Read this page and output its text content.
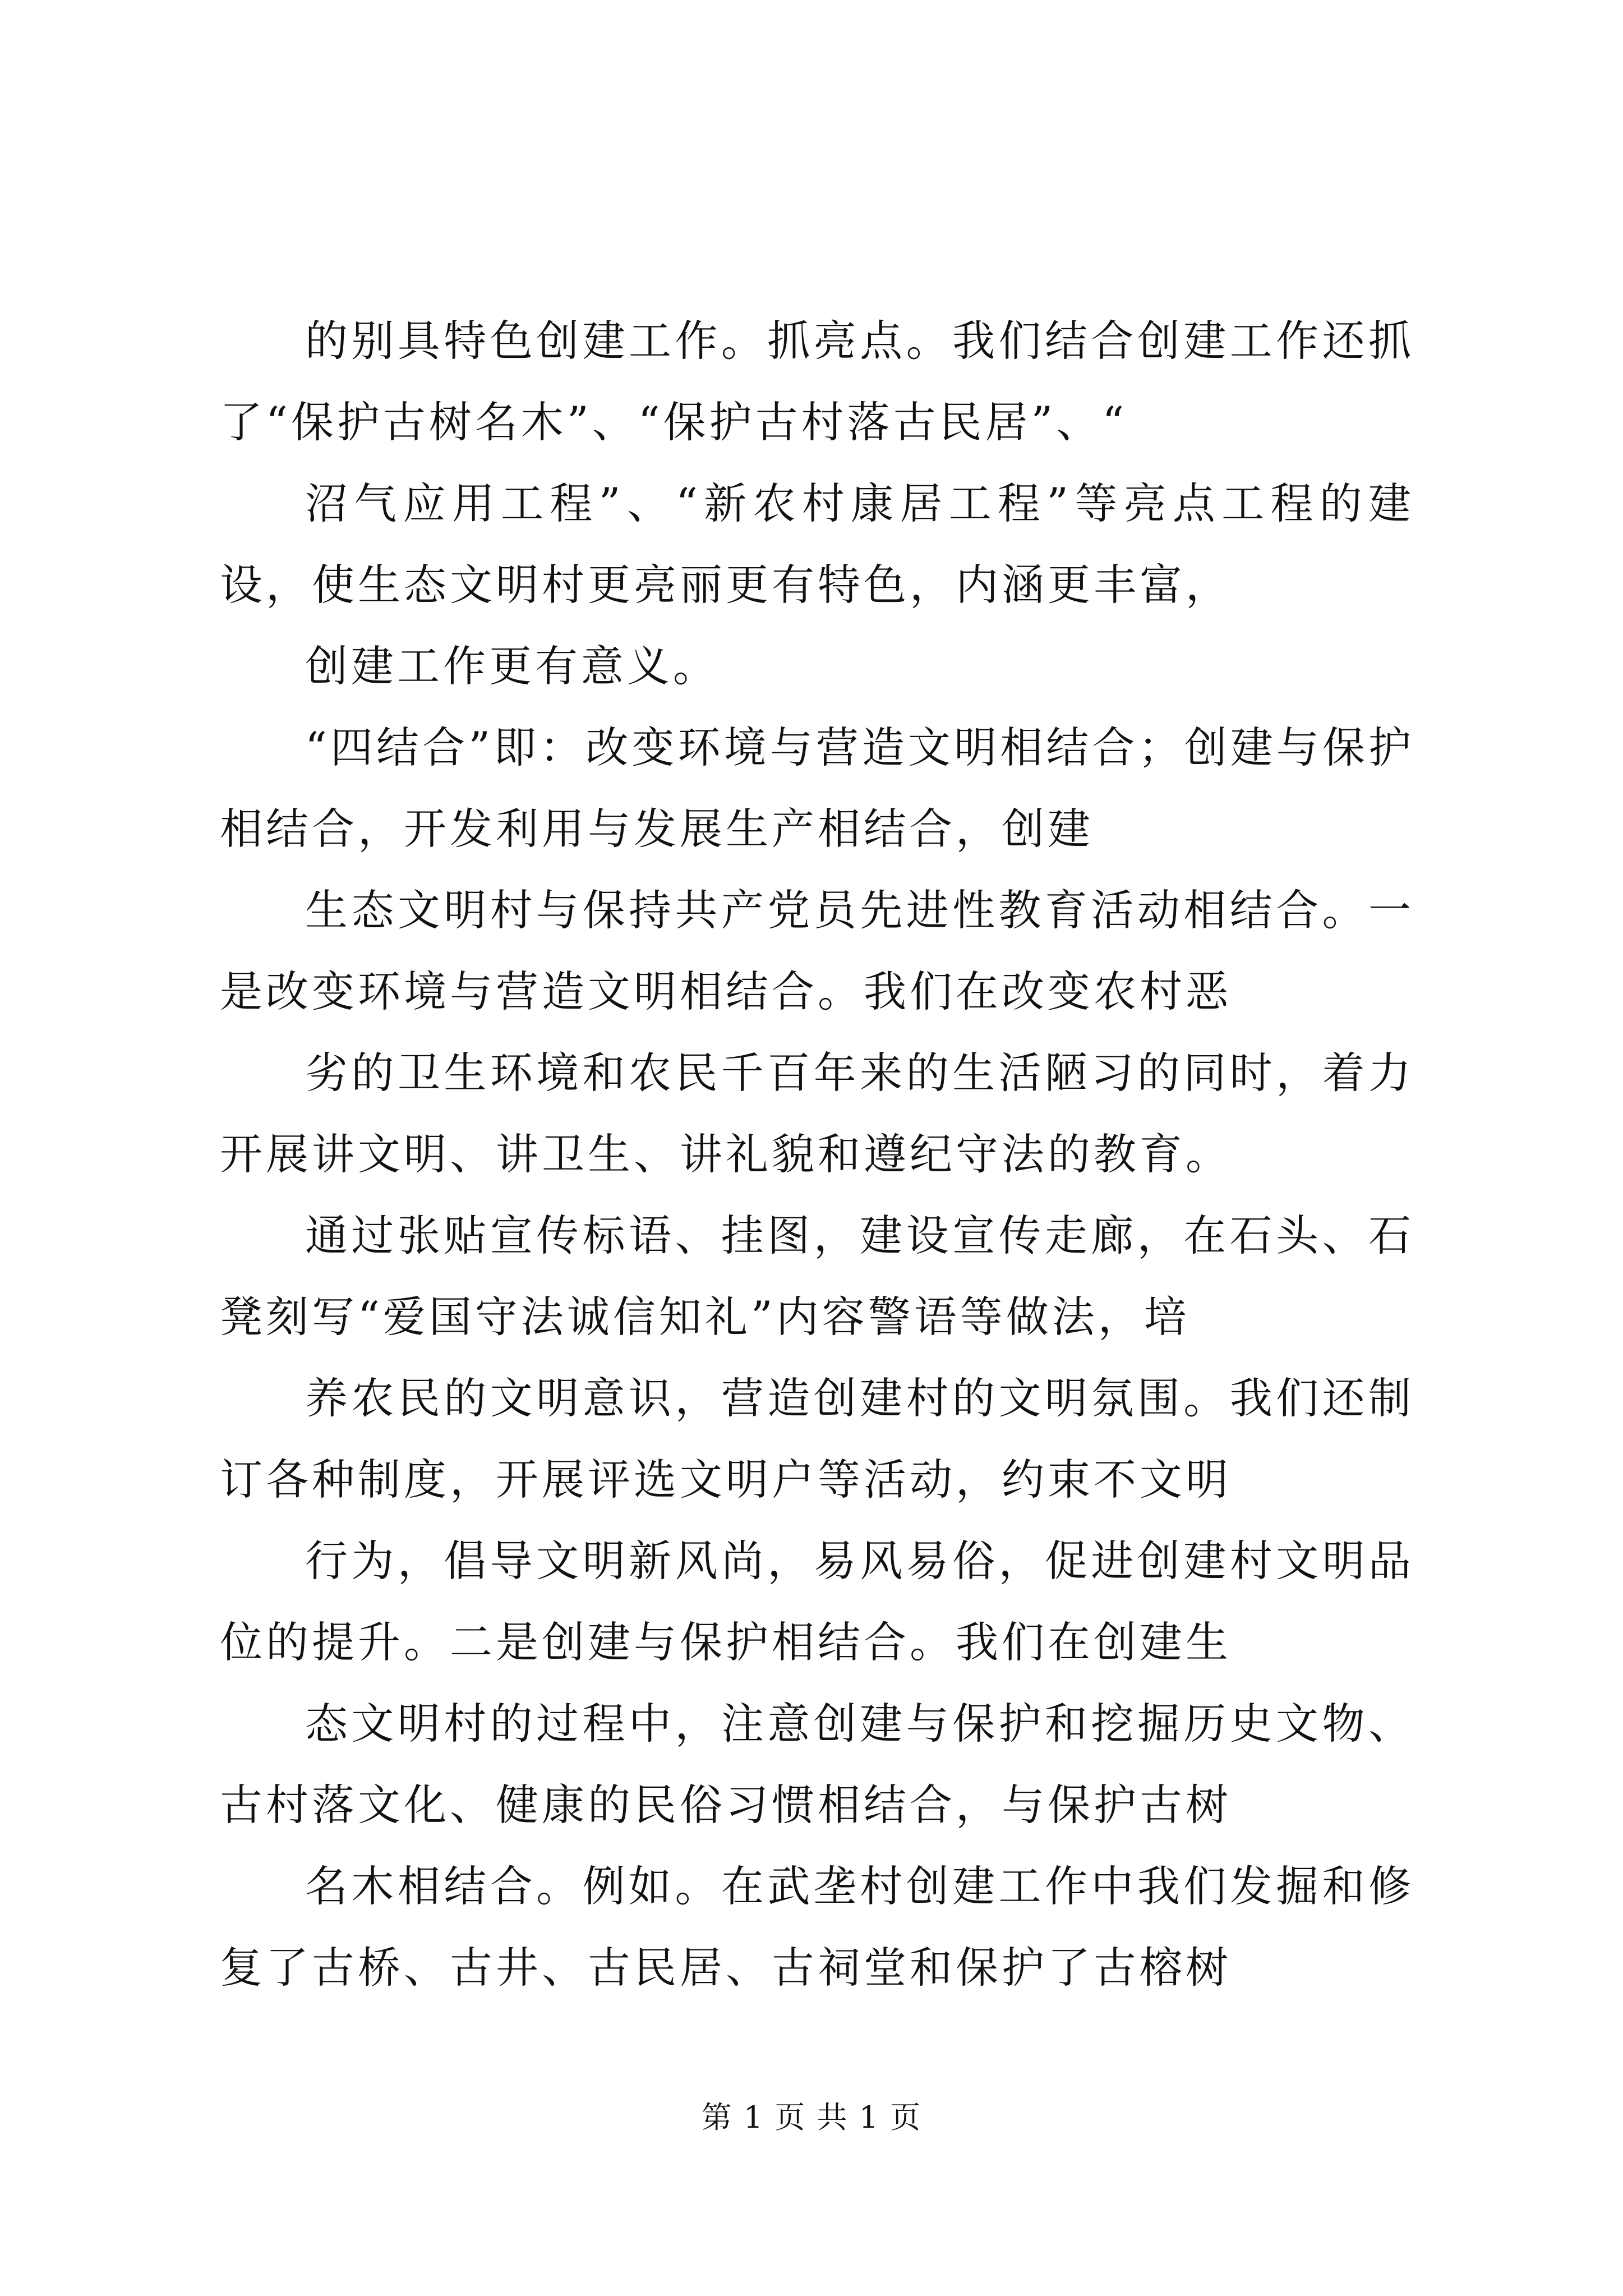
的别具特色创建工作。抓亮点。我们结合创建工作还抓了“保护古树名木”、“保护古村落古民居”、“

沼气应用工程”、“新农村康居工程”等亮点工程的建设，使生态文明村更亮丽更有特色，内涵更丰富，

创建工作更有意义。

“四结合”即：改变环境与营造文明相结合；创建与保护相结合，开发利用与发展生产相结合，创建

生态文明村与保持共产党员先进性教育活动相结合。一是改变环境与营造文明相结合。我们在改变农村恶

劣的卫生环境和农民千百年来的生活陋习的同时，着力开展讲文明、讲卫生、讲礼貌和遵纪守法的教育。

通过张贴宣传标语、挂图，建设宣传走廊，在石头、石凳刻写“爱国守法诚信知礼”内容警语等做法，培

养农民的文明意识，营造创建村的文明氛围。我们还制订各种制度，开展评选文明户等活动，约束不文明

行为，倡导文明新风尚，易风易俗，促进创建村文明品位的提升。二是创建与保护相结合。我们在创建生

态文明村的过程中，注意创建与保护和挖掘历史文物、古村落文化、健康的民俗习惯相结合，与保护古树

名木相结合。例如。在武垄村创建工作中我们发掘和修复了古桥、古井、古民居、古祠堂和保护了古榕树

第 1 页 共 1 页
